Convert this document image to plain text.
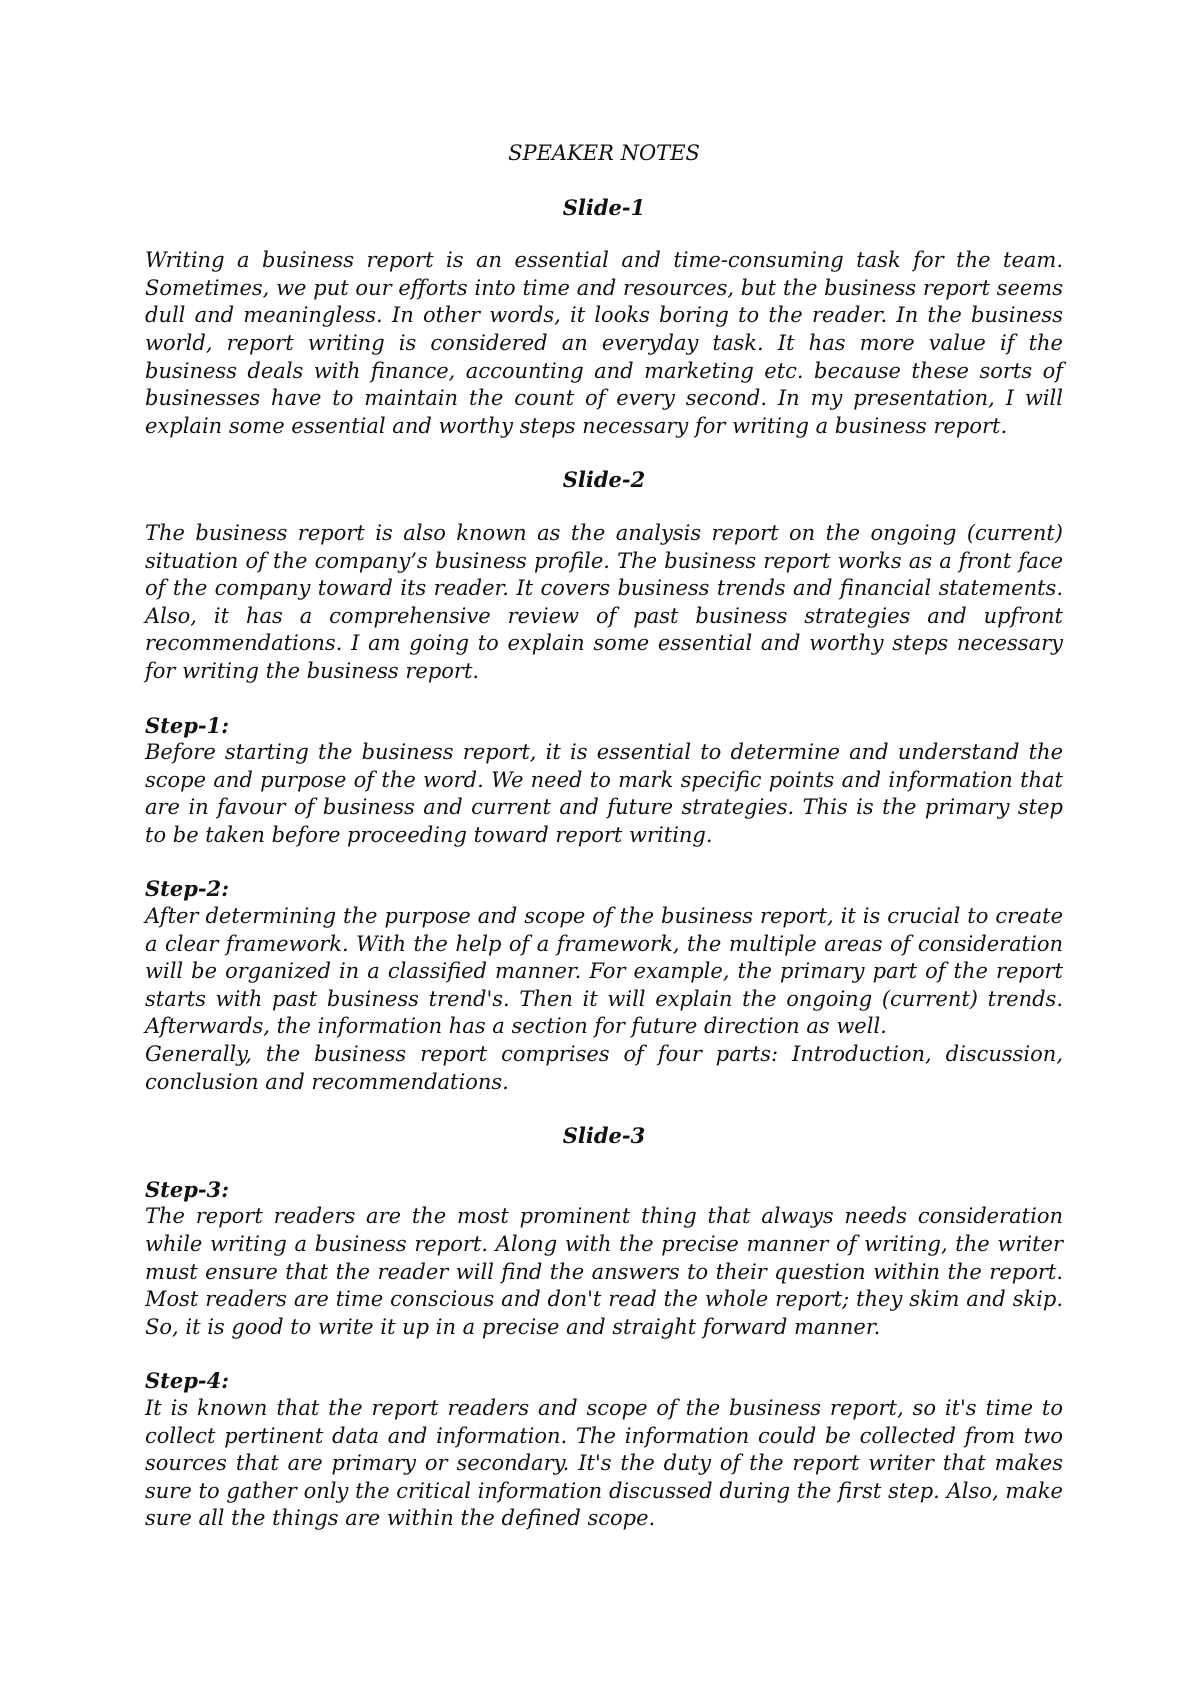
SPEAKER NOTES
Slide-1
Writing a business report is an essential and time-consuming task for the team. Sometimes, we put our efforts into time and resources, but the business report seems dull and meaningless. In other words, it looks boring to the reader. In the business world, report writing is considered an everyday task. It has more value if the business deals with finance, accounting and marketing etc. because these sorts of businesses have to maintain the count of every second. In my presentation, I will explain some essential and worthy steps necessary for writing a business report.
Slide-2
The business report is also known as the analysis report on the ongoing (current) situation of the company’s business profile. The business report works as a front face of the company toward its reader. It covers business trends and financial statements. Also, it has a comprehensive review of past business strategies and upfront recommendations. I am going to explain some essential and worthy steps necessary for writing the business report.
Step-1:
Before starting the business report, it is essential to determine and understand the scope and purpose of the word. We need to mark specific points and information that are in favour of business and current and future strategies. This is the primary step to be taken before proceeding toward report writing.
Step-2:
After determining the purpose and scope of the business report, it is crucial to create a clear framework. With the help of a framework, the multiple areas of consideration will be organized in a classified manner. For example, the primary part of the report starts with past business trend's. Then it will explain the ongoing (current) trends. Afterwards, the information has a section for future direction as well.
Generally, the business report comprises of four parts: Introduction, discussion, conclusion and recommendations.
Slide-3
Step-3:
The report readers are the most prominent thing that always needs consideration while writing a business report. Along with the precise manner of writing, the writer must ensure that the reader will find the answers to their question within the report. Most readers are time conscious and don't read the whole report; they skim and skip. So, it is good to write it up in a precise and straight forward manner.
Step-4:
It is known that the report readers and scope of the business report, so it's time to collect pertinent data and information. The information could be collected from two sources that are primary or secondary. It's the duty of the report writer that makes sure to gather only the critical information discussed during the first step. Also, make sure all the things are within the defined scope.
